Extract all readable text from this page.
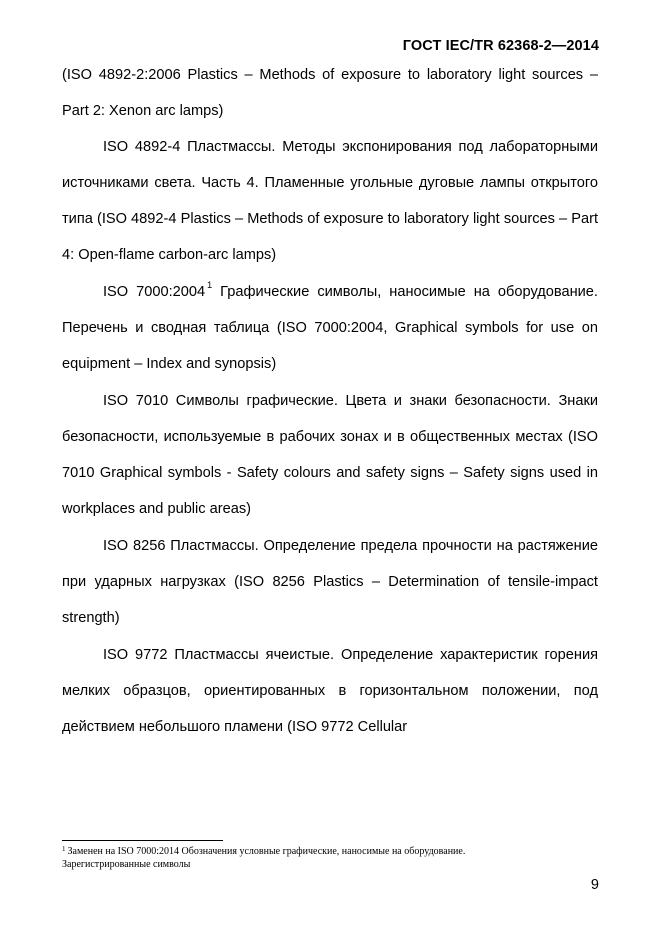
ГОСТ IEC/TR 62368-2—2014

(ISO 4892-2:2006 Plastics – Methods of exposure to laboratory light sources – Part 2: Xenon arc lamps)

ISO 4892-4 Пластмассы. Методы экспонирования под лабораторными источниками света. Часть 4. Пламенные угольные дуговые лампы открытого типа (ISO 4892-4 Plastics – Methods of exposure to laboratory light sources – Part 4: Open-flame carbon-arc lamps)

ISO 7000:2004 $^1$ Графические символы, наносимые на оборудование. Перечень и сводная таблица (ISO 7000:2004, Graphical symbols for use on equipment – Index and synopsis)

ISO 7010 Символы графические. Цвета и знаки безопасности. Знаки безопасности, используемые в рабочих зонах и в общественных местах (ISO 7010 Graphical symbols - Safety colours and safety signs – Safety signs used in workplaces and public areas)

ISO 8256 Пластмассы. Определение предела прочности на растяжение при ударных нагрузках (ISO 8256 Plastics – Determination of tensile-impact strength)

ISO 9772 Пластмассы ячеистые. Определение характеристик горения мелких образцов, ориентированных в горизонтальном положении, под действием небольшого пламени (ISO 9772 Cellular

$^1$ Заменен на ISO 7000:2014 Обозначения условные графические, наносимые на оборудование.
Зарегистрированные символы
9
